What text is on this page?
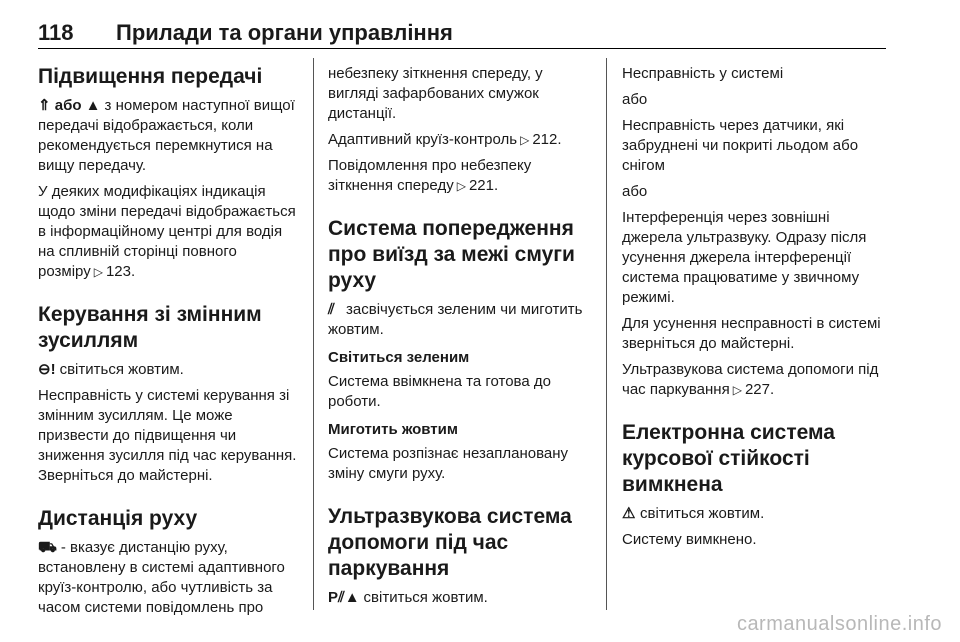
118 Прилади та органи управління
Підвищення передачі

⇑ або ▲ з номером наступної вищої передачі відображається, коли рекомендується перемкнутися на вищу передачу.

У деяких модифікаціях індикація щодо зміни передачі відображається в інформаційному центрі для водія на спливній сторінці повного розміру ▷ 123.

Керування зі змінним зусиллям

⊖! світиться жовтим.

Несправність у системі керування зі змінним зусиллям. Це може призвести до підвищення чи зниження зусилля під час керування. Зверніться до майстерні.

Дистанція руху

⛟ - вказує дистанцію руху, встановлену в системі адаптивного круїз-контролю, або чутливість за часом системи повідомлень про

небезпеку зіткнення спереду, у вигляді зафарбованих смужок дистанції.

Адаптивний круїз-контроль ▷ 212.

Повідомлення про небезпеку зіткнення спереду ▷ 221.

Система попередження про виїзд за межі смуги руху

⫽ засвічується зеленим чи миготить жовтим.

Світиться зеленим

Система ввімкнена та готова до роботи.

Миготить жовтим

Система розпізнає незаплановану зміну смуги руху.

Ультразвукова система допомоги під час паркування

P⫽▲ світиться жовтим.

Несправність у системі

або

Несправність через датчики, які забруднені чи покриті льодом або снігом

або

Інтерференція через зовнішні джерела ультразвуку. Одразу після усунення джерела інтерференції система працюватиме у звичному режимі.

Для усунення несправності в системі зверніться до майстерні.

Ультразвукова система допомоги під час паркування ▷ 227.

Електронна система курсової стійкості вимкнена

⚠ світиться жовтим.

Систему вимкнено.

carmanualsonline.info
